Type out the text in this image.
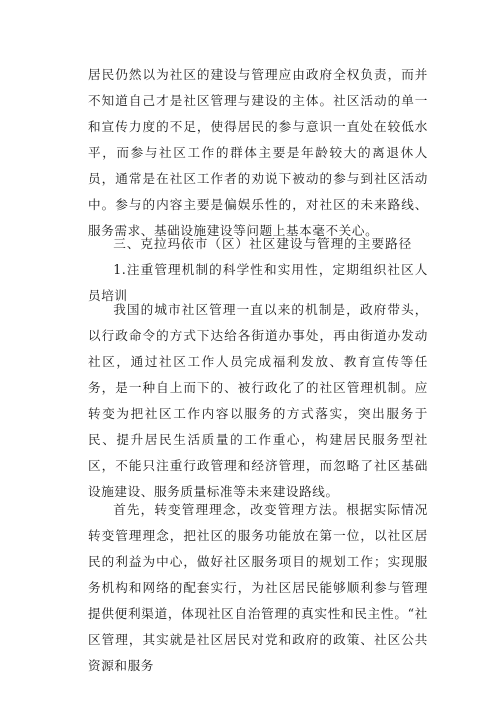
居民仍然以为社区的建设与管理应由政府全权负责，而并不知道自己才是社区管理与建设的主体。社区活动的单一和宣传力度的不足，使得居民的参与意识一直处在较低水平，而参与社区工作的群体主要是年龄较大的离退休人员，通常是在社区工作者的劝说下被动的参与到社区活动中。参与的内容主要是偏娱乐性的，对社区的未来路线、服务需求、基础设施建设等问题上基本毫不关心。

三、克拉玛依市（区）社区建设与管理的主要路径

1.注重管理机制的科学性和实用性，定期组织社区人员培训

我国的城市社区管理一直以来的机制是，政府带头，以行政命令的方式下达给各街道办事处，再由街道办发动社区，通过社区工作人员完成福利发放、教育宣传等任务，是一种自上而下的、被行政化了的社区管理机制。应转变为把社区工作内容以服务的方式落实，突出服务于民、提升居民生活质量的工作重心，构建居民服务型社区，不能只注重行政管理和经济管理，而忽略了社区基础设施建设、服务质量标准等未来建设路线。

首先，转变管理理念，改变管理方法。根据实际情况转变管理理念，把社区的服务功能放在第一位，以社区居民的利益为中心，做好社区服务项目的规划工作；实现服务机构和网络的配套实行，为社区居民能够顺利参与管理提供便利渠道，体现社区自治管理的真实性和民主性。“社区管理，其实就是社区居民对党和政府的政策、社区公共资源和服务
